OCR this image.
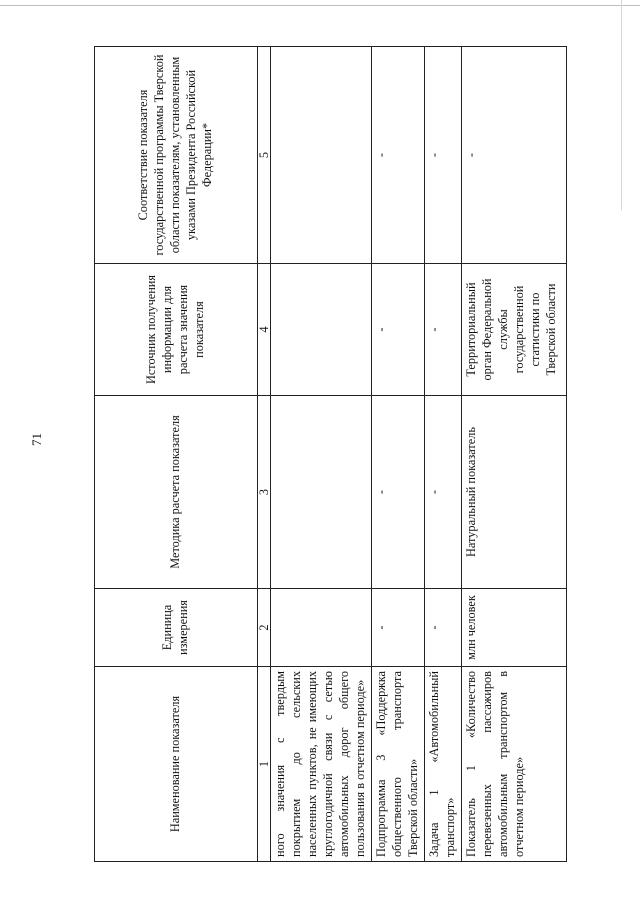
71
Наименование показателя	Единица измерения	Методика расчета показателя	Источник получения информации для расчета значения показателя	Соответствие показателя государственной программы Тверской области показателям, установленным указами Президента Российской Федерации*
1	2	3	4	5
ного значения с твердым покрытием до сельских населенных пунктов, не имеющих круглогодичной связи с сетью автомобильных дорог общего пользования в отчетном периоде»				
Подпрограмма 3 «Поддержка общественного транспорта Тверской области»	-	-	-	-
Задача 1 «Автомобильный транспорт»	-	-	-	-
Показатель 1 «Количество перевезенных пассажиров автомобильным транспортом в отчетном периоде»	млн человек	Натуральный показатель	Территориальный орган Федеральной службы государственной статистики по Тверской области	-
